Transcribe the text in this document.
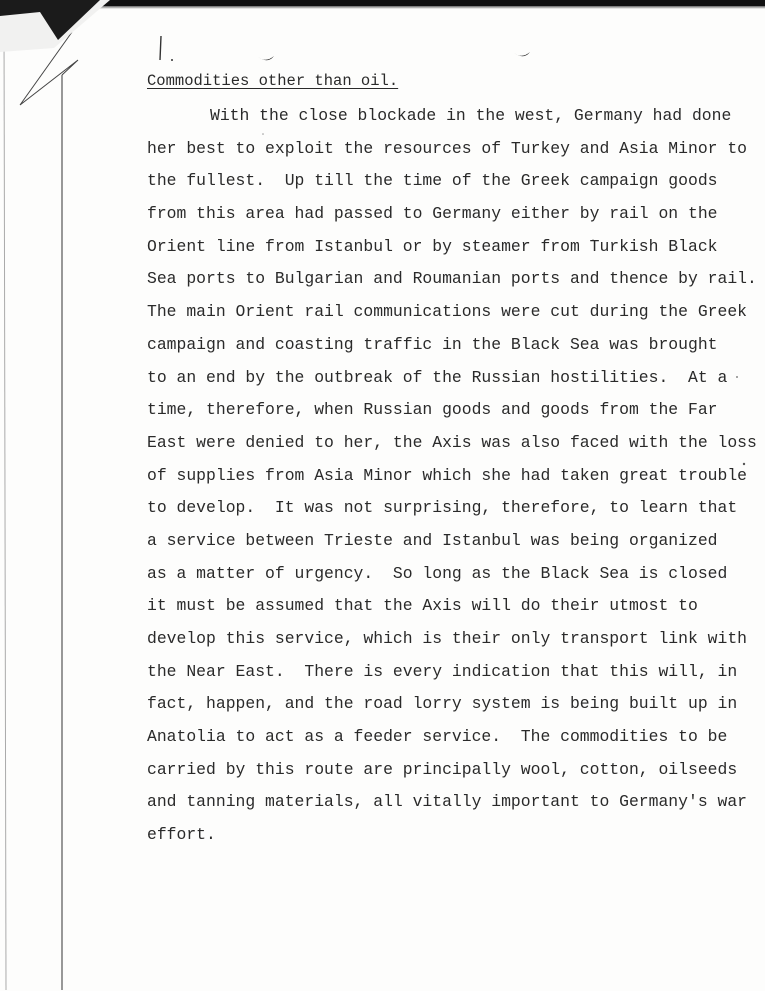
Commodities other than oil.
With the close blockade in the west, Germany had done
her best to exploit the resources of Turkey and Asia Minor to
the fullest.  Up till the time of the Greek campaign goods
from this area had passed to Germany either by rail on the
Orient line from Istanbul or by steamer from Turkish Black
Sea ports to Bulgarian and Roumanian ports and thence by rail.
The main Orient rail communications were cut during the Greek
campaign and coasting traffic in the Black Sea was brought
to an end by the outbreak of the Russian hostilities.  At a
time, therefore, when Russian goods and goods from the Far
East were denied to her, the Axis was also faced with the loss
of supplies from Asia Minor which she had taken great trouble
to develop.  It was not surprising, therefore, to learn that
a service between Trieste and Istanbul was being organized
as a matter of urgency.  So long as the Black Sea is closed
it must be assumed that the Axis will do their utmost to
develop this service, which is their only transport link with
the Near East.  There is every indication that this will, in
fact, happen, and the road lorry system is being built up in
Anatolia to act as a feeder service.  The commodities to be
carried by this route are principally wool, cotton, oilseeds
and tanning materials, all vitally important to Germany's war
effort.
